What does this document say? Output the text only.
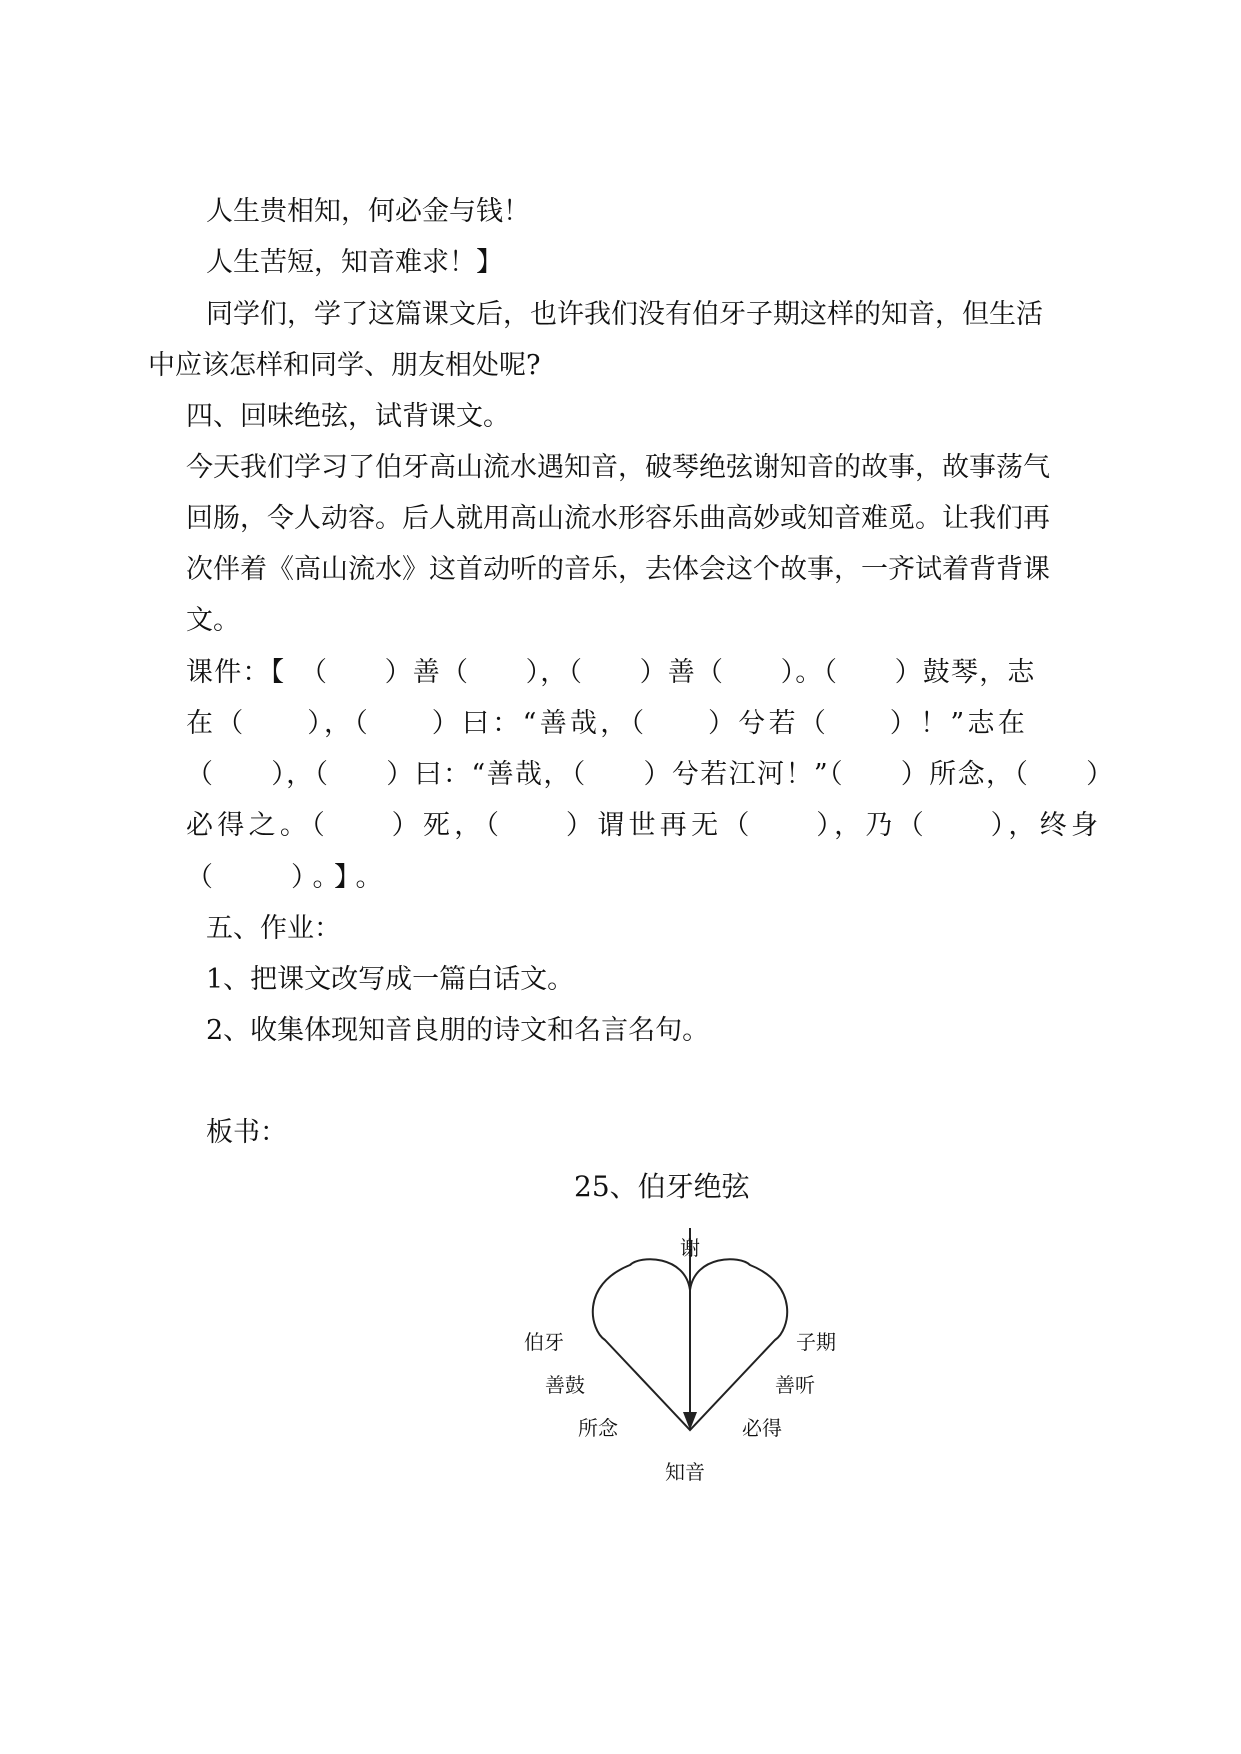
人生贵相知，何必金与钱！
人生苦短，知音难求！】
同学们，学了这篇课文后，也许我们没有伯牙子期这样的知音，但生活
中应该怎样和同学、朋友相处呢?
四、回味绝弦，试背课文。
今天我们学习了伯牙高山流水遇知音，破琴绝弦谢知音的故事，故事荡气
回肠，令人动容。后人就用高山流水形容乐曲高妙或知音难觅。让我们再
次伴着《高山流水》这首动听的音乐，去体会这个故事，一齐试着背背课
文。
课件：【　（　　）善（　　），（　　）善（　　）。（　　）鼓琴，志
在（　　），（　　）曰：“善哉，（　　）兮若（　　）！”志在
（　　），（　　）曰：“善哉，（　　）兮若江河！”（　　）所念，（　　）
必得之。（　　）死，（　　）谓世再无（　　），乃（　　），终身
（　　）。】。
五、作业：
1、把课文改写成一篇白话文。
2、收集体现知音良朋的诗文和名言名句。
板书：
25、伯牙绝弦
谢
伯牙
善鼓
所念
子期
善听
必得
知音
